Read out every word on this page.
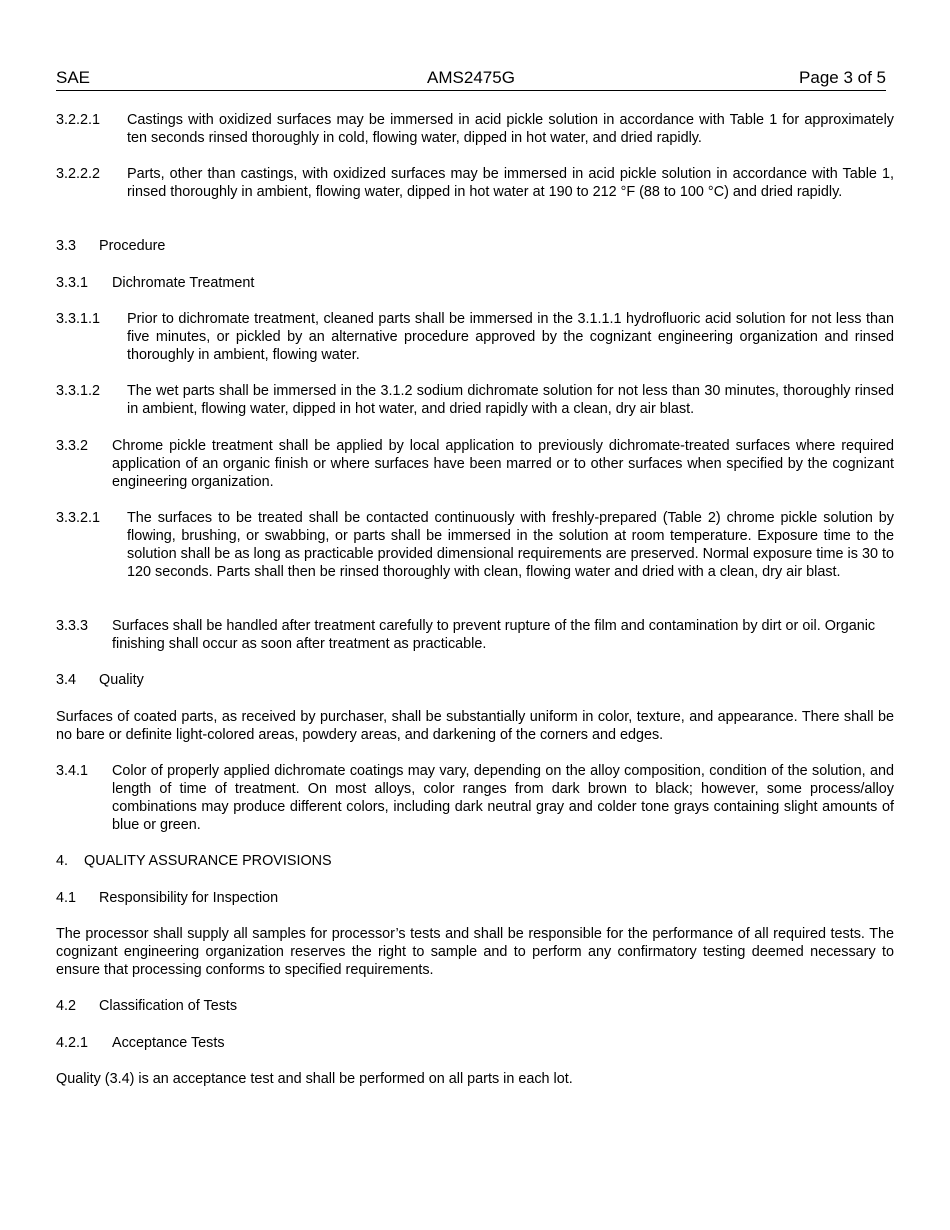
AMS2475G
SAE	Page 3 of 5
3.2.2.1 Castings with oxidized surfaces may be immersed in acid pickle solution in accordance with Table 1 for approximately ten seconds rinsed thoroughly in cold, flowing water, dipped in hot water, and dried rapidly.
3.2.2.2 Parts, other than castings, with oxidized surfaces may be immersed in acid pickle solution in accordance with Table 1, rinsed thoroughly in ambient, flowing water, dipped in hot water at 190 to 212 °F (88 to 100 °C) and dried rapidly.
3.3 Procedure
3.3.1 Dichromate Treatment
3.3.1.1 Prior to dichromate treatment, cleaned parts shall be immersed in the 3.1.1.1 hydrofluoric acid solution for not less than five minutes, or pickled by an alternative procedure approved by the cognizant engineering organization and rinsed thoroughly in ambient, flowing water.
3.3.1.2 The wet parts shall be immersed in the 3.1.2 sodium dichromate solution for not less than 30 minutes, thoroughly rinsed in ambient, flowing water, dipped in hot water, and dried rapidly with a clean, dry air blast.
3.3.2 Chrome pickle treatment shall be applied by local application to previously dichromate-treated surfaces where required application of an organic finish or where surfaces have been marred or to other surfaces when specified by the cognizant engineering organization.
3.3.2.1 The surfaces to be treated shall be contacted continuously with freshly-prepared (Table 2) chrome pickle solution by flowing, brushing, or swabbing, or parts shall be immersed in the solution at room temperature. Exposure time to the solution shall be as long as practicable provided dimensional requirements are preserved. Normal exposure time is 30 to 120 seconds. Parts shall then be rinsed thoroughly with clean, flowing water and dried with a clean, dry air blast.
3.3.3 Surfaces shall be handled after treatment carefully to prevent rupture of the film and contamination by dirt or oil. Organic finishing shall occur as soon after treatment as practicable.
3.4 Quality
Surfaces of coated parts, as received by purchaser, shall be substantially uniform in color, texture, and appearance. There shall be no bare or definite light-colored areas, powdery areas, and darkening of the corners and edges.
3.4.1 Color of properly applied dichromate coatings may vary, depending on the alloy composition, condition of the solution, and length of time of treatment. On most alloys, color ranges from dark brown to black; however, some process/alloy combinations may produce different colors, including dark neutral gray and colder tone grays containing slight amounts of blue or green.
4. QUALITY ASSURANCE PROVISIONS
4.1 Responsibility for Inspection
The processor shall supply all samples for processor’s tests and shall be responsible for the performance of all required tests. The cognizant engineering organization reserves the right to sample and to perform any confirmatory testing deemed necessary to ensure that processing conforms to specified requirements.
4.2 Classification of Tests
4.2.1 Acceptance Tests
Quality (3.4) is an acceptance test and shall be performed on all parts in each lot.
